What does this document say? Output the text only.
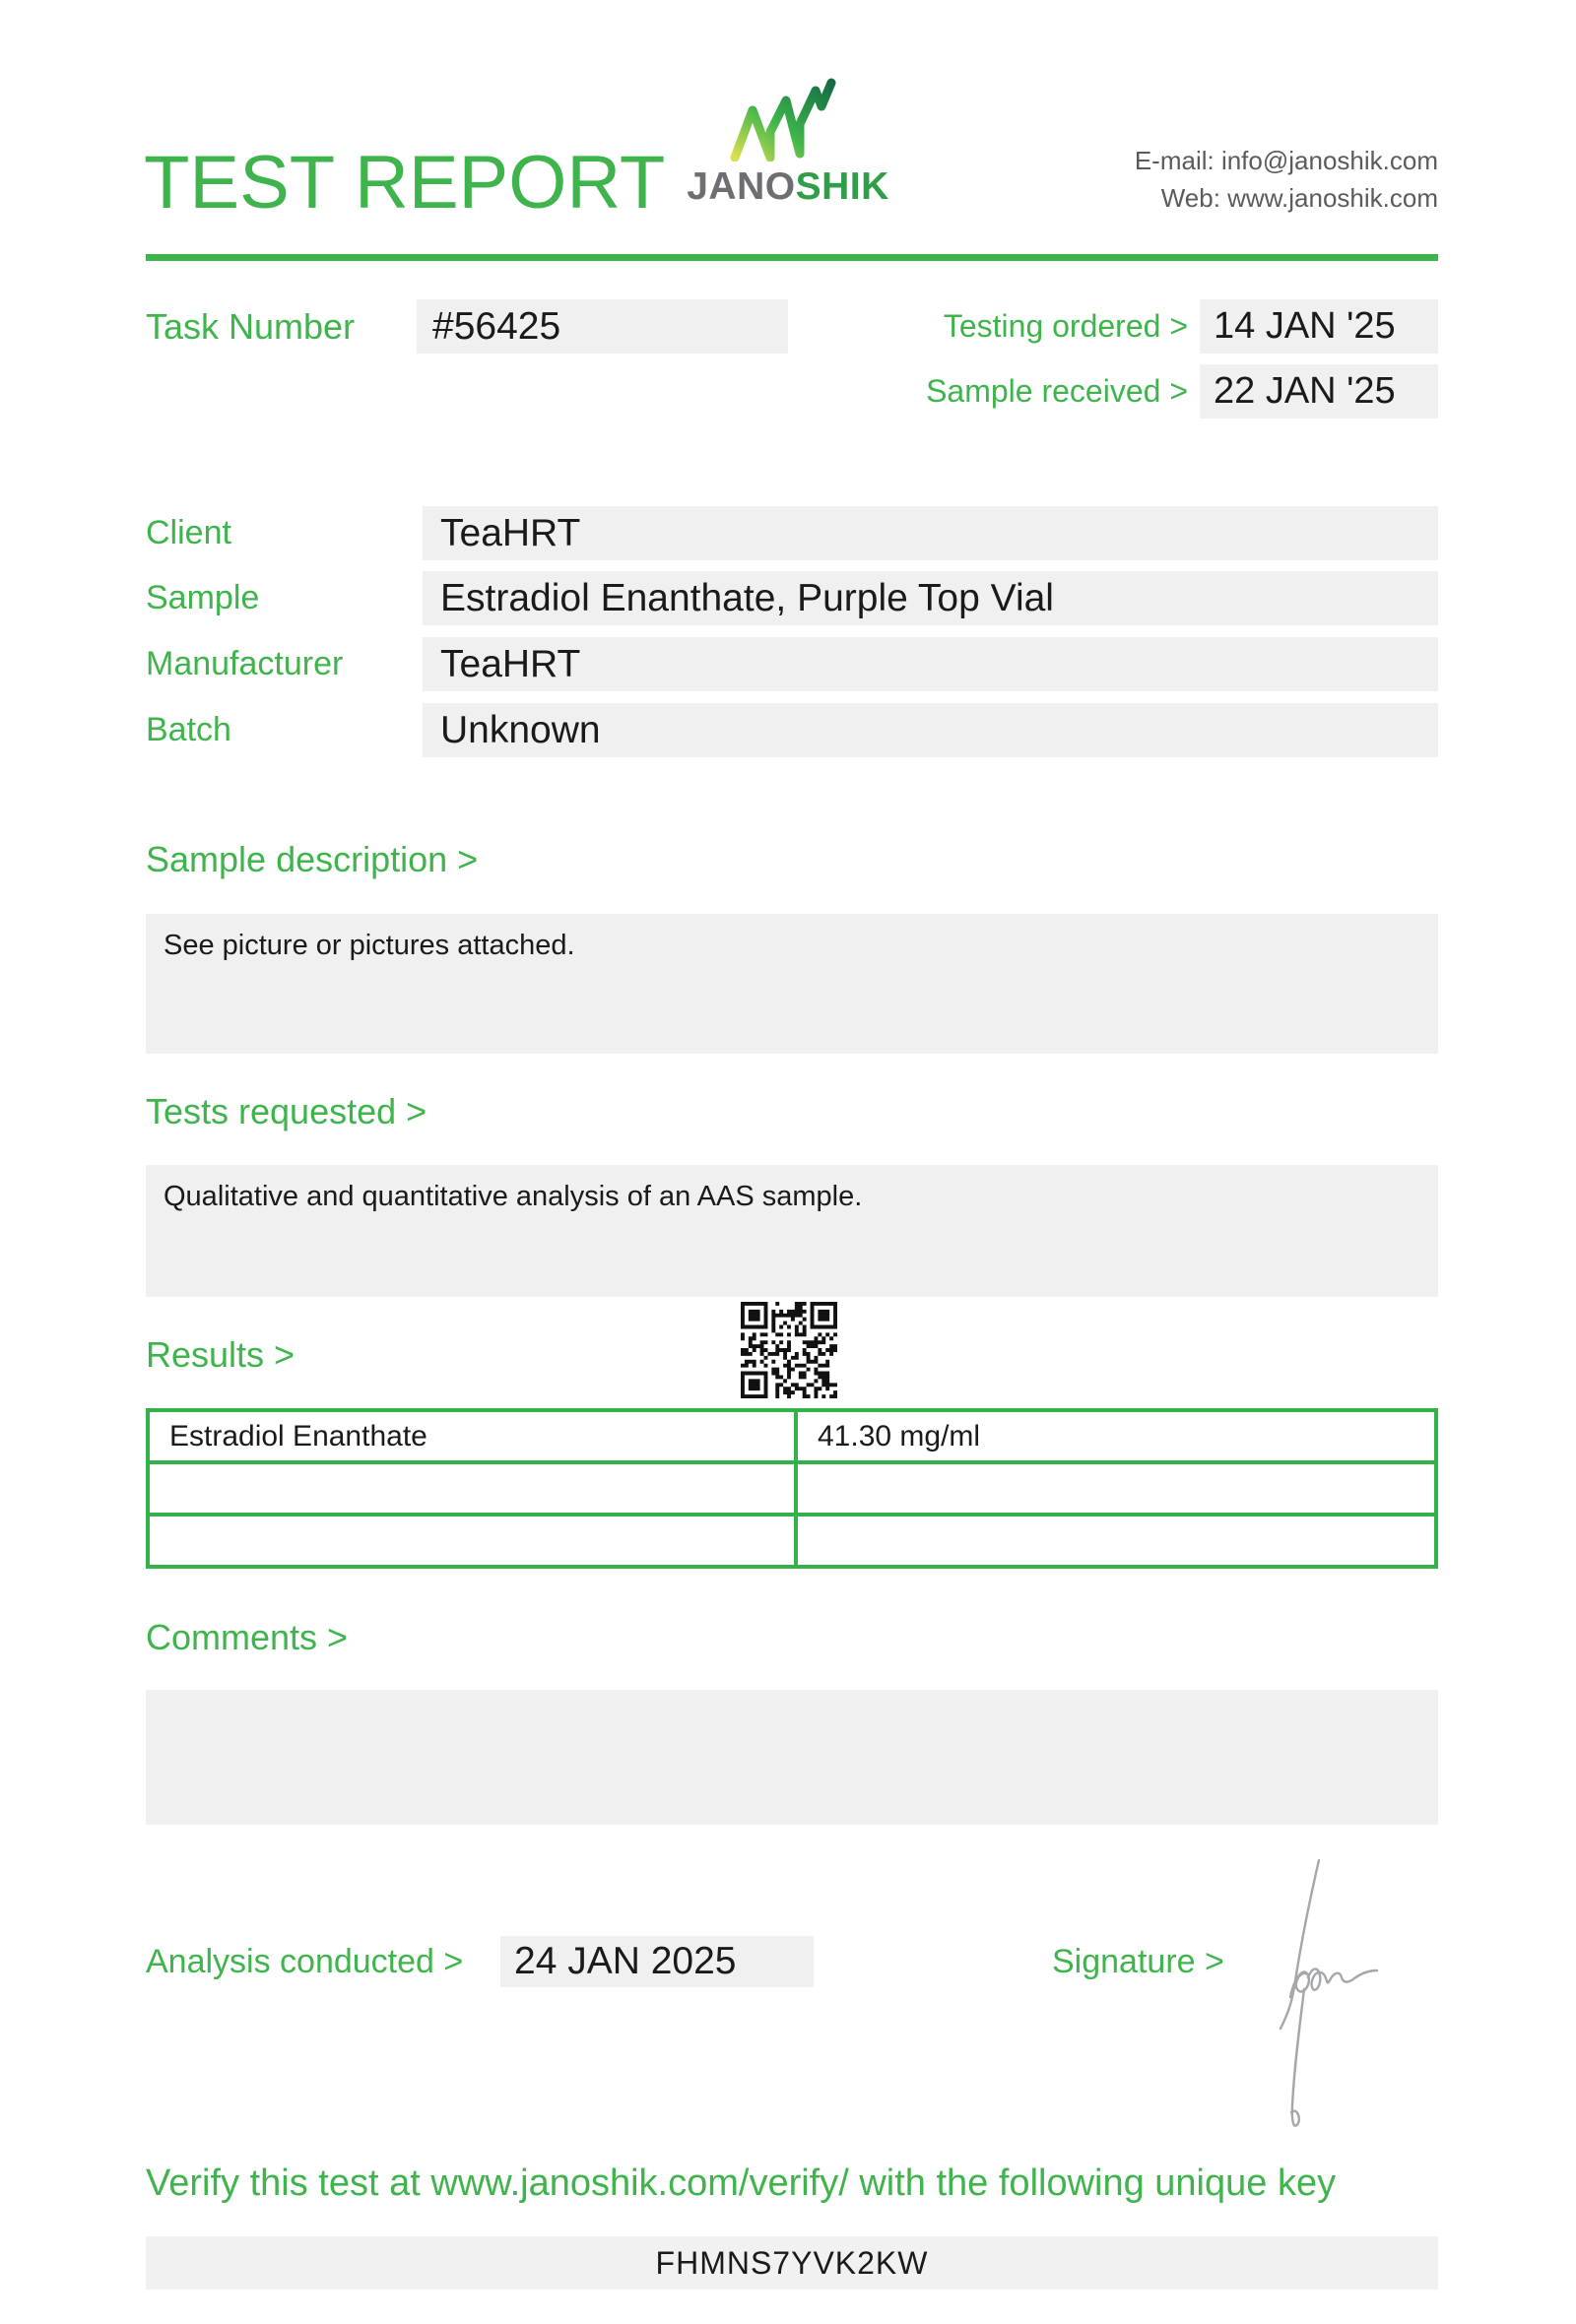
TEST REPORT JANOSHIK
E-mail: info@janoshik.com
Web: www.janoshik.com
Task Number	#56425	Testing ordered > 14 JAN '25
Sample received > 22 JAN '25
Client	TeaHRT
Sample	Estradiol Enanthate, Purple Top Vial
Manufacturer	TeaHRT
Batch	Unknown
Sample description >
See picture or pictures attached.
Tests requested >
Qualitative and quantitative analysis of an AAS sample.
Results >
Estradiol Enanthate	41.30 mg/ml

Comments >
Analysis conducted >	24 JAN 2025	Signature >
Verify this test at www.janoshik.com/verify/ with the following unique key
FHMNS7YVK2KW
